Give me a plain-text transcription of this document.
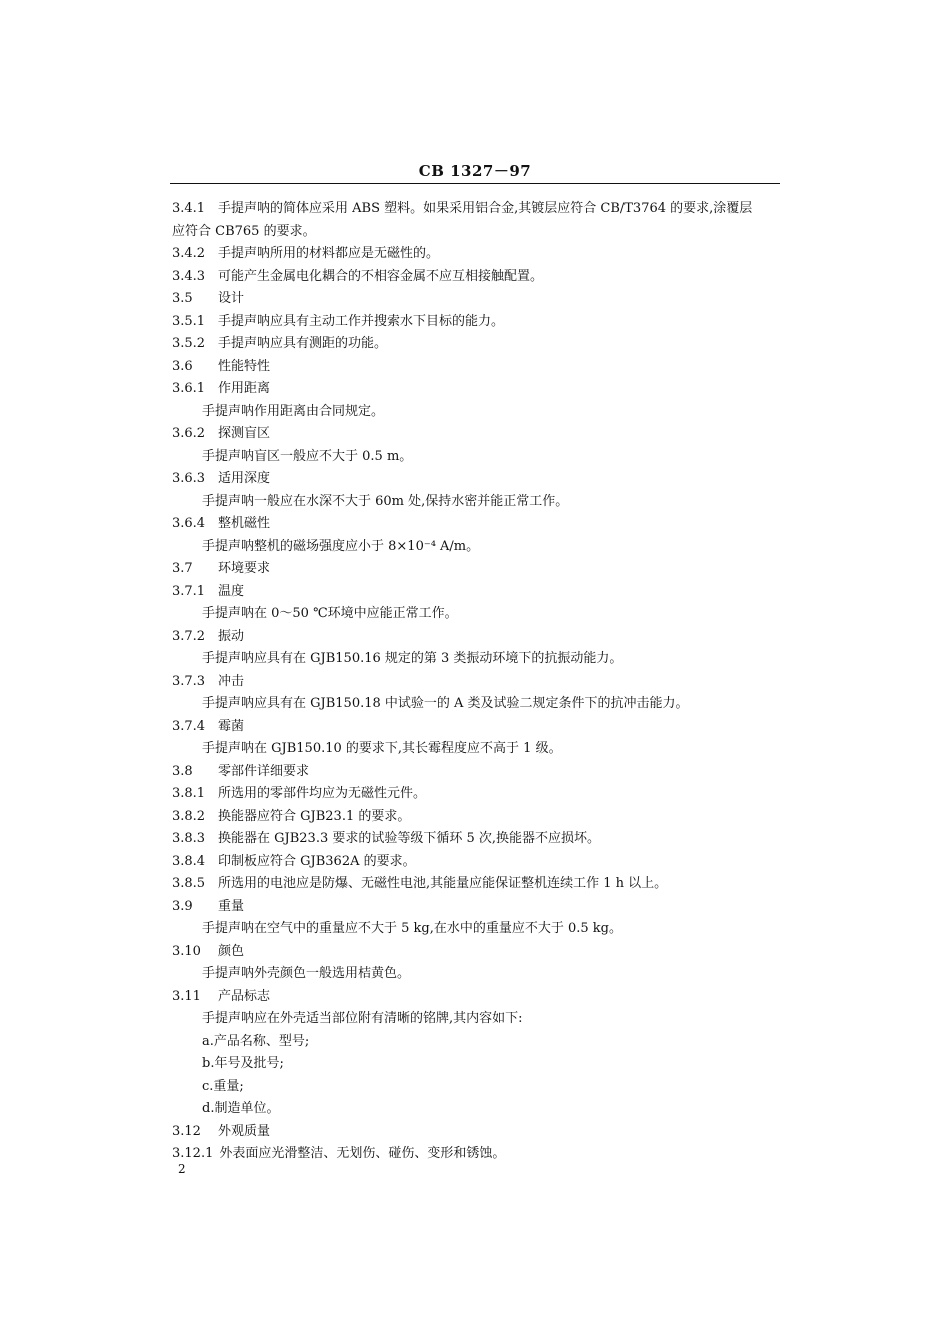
CB 1327－97
3.4.1 手提声呐的简体应采用 ABS 塑料。如果采用铝合金,其镀层应符合 CB/T3764 的要求,涂覆层
应符合 CB765 的要求。
3.4.2 手提声呐所用的材料都应是无磁性的。
3.4.3 可能产生金属电化耦合的不相容金属不应互相接触配置。
3.5 设计
3.5.1 手提声呐应具有主动工作并搜索水下目标的能力。
3.5.2 手提声呐应具有测距的功能。
3.6 性能特性
3.6.1 作用距离
手提声呐作用距离由合同规定。
3.6.2 探测盲区
手提声呐盲区一般应不大于 0.5 m。
3.6.3 适用深度
手提声呐一般应在水深不大于 60m 处,保持水密并能正常工作。
3.6.4 整机磁性
手提声呐整机的磁场强度应小于 8×10⁻⁴ A/m。
3.7 环境要求
3.7.1 温度
手提声呐在 0～50 ℃环境中应能正常工作。
3.7.2 振动
手提声呐应具有在 GJB150.16 规定的第 3 类振动环境下的抗振动能力。
3.7.3 冲击
手提声呐应具有在 GJB150.18 中试验一的 A 类及试验二规定条件下的抗冲击能力。
3.7.4 霉菌
手提声呐在 GJB150.10 的要求下,其长霉程度应不高于 1 级。
3.8 零部件详细要求
3.8.1 所选用的零部件均应为无磁性元件。
3.8.2 换能器应符合 GJB23.1 的要求。
3.8.3 换能器在 GJB23.3 要求的试验等级下循环 5 次,换能器不应损坏。
3.8.4 印制板应符合 GJB362A 的要求。
3.8.5 所选用的电池应是防爆、无磁性电池,其能量应能保证整机连续工作 1 h 以上。
3.9 重量
手提声呐在空气中的重量应不大于 5 kg,在水中的重量应不大于 0.5 kg。
3.10 颜色
手提声呐外壳颜色一般选用桔黄色。
3.11 产品标志
手提声呐应在外壳适当部位附有清晰的铭牌,其内容如下:
a.产品名称、型号;
b.年号及批号;
c.重量;
d.制造单位。
3.12 外观质量
3.12.1 外表面应光滑整洁、无划伤、碰伤、变形和锈蚀。
2
